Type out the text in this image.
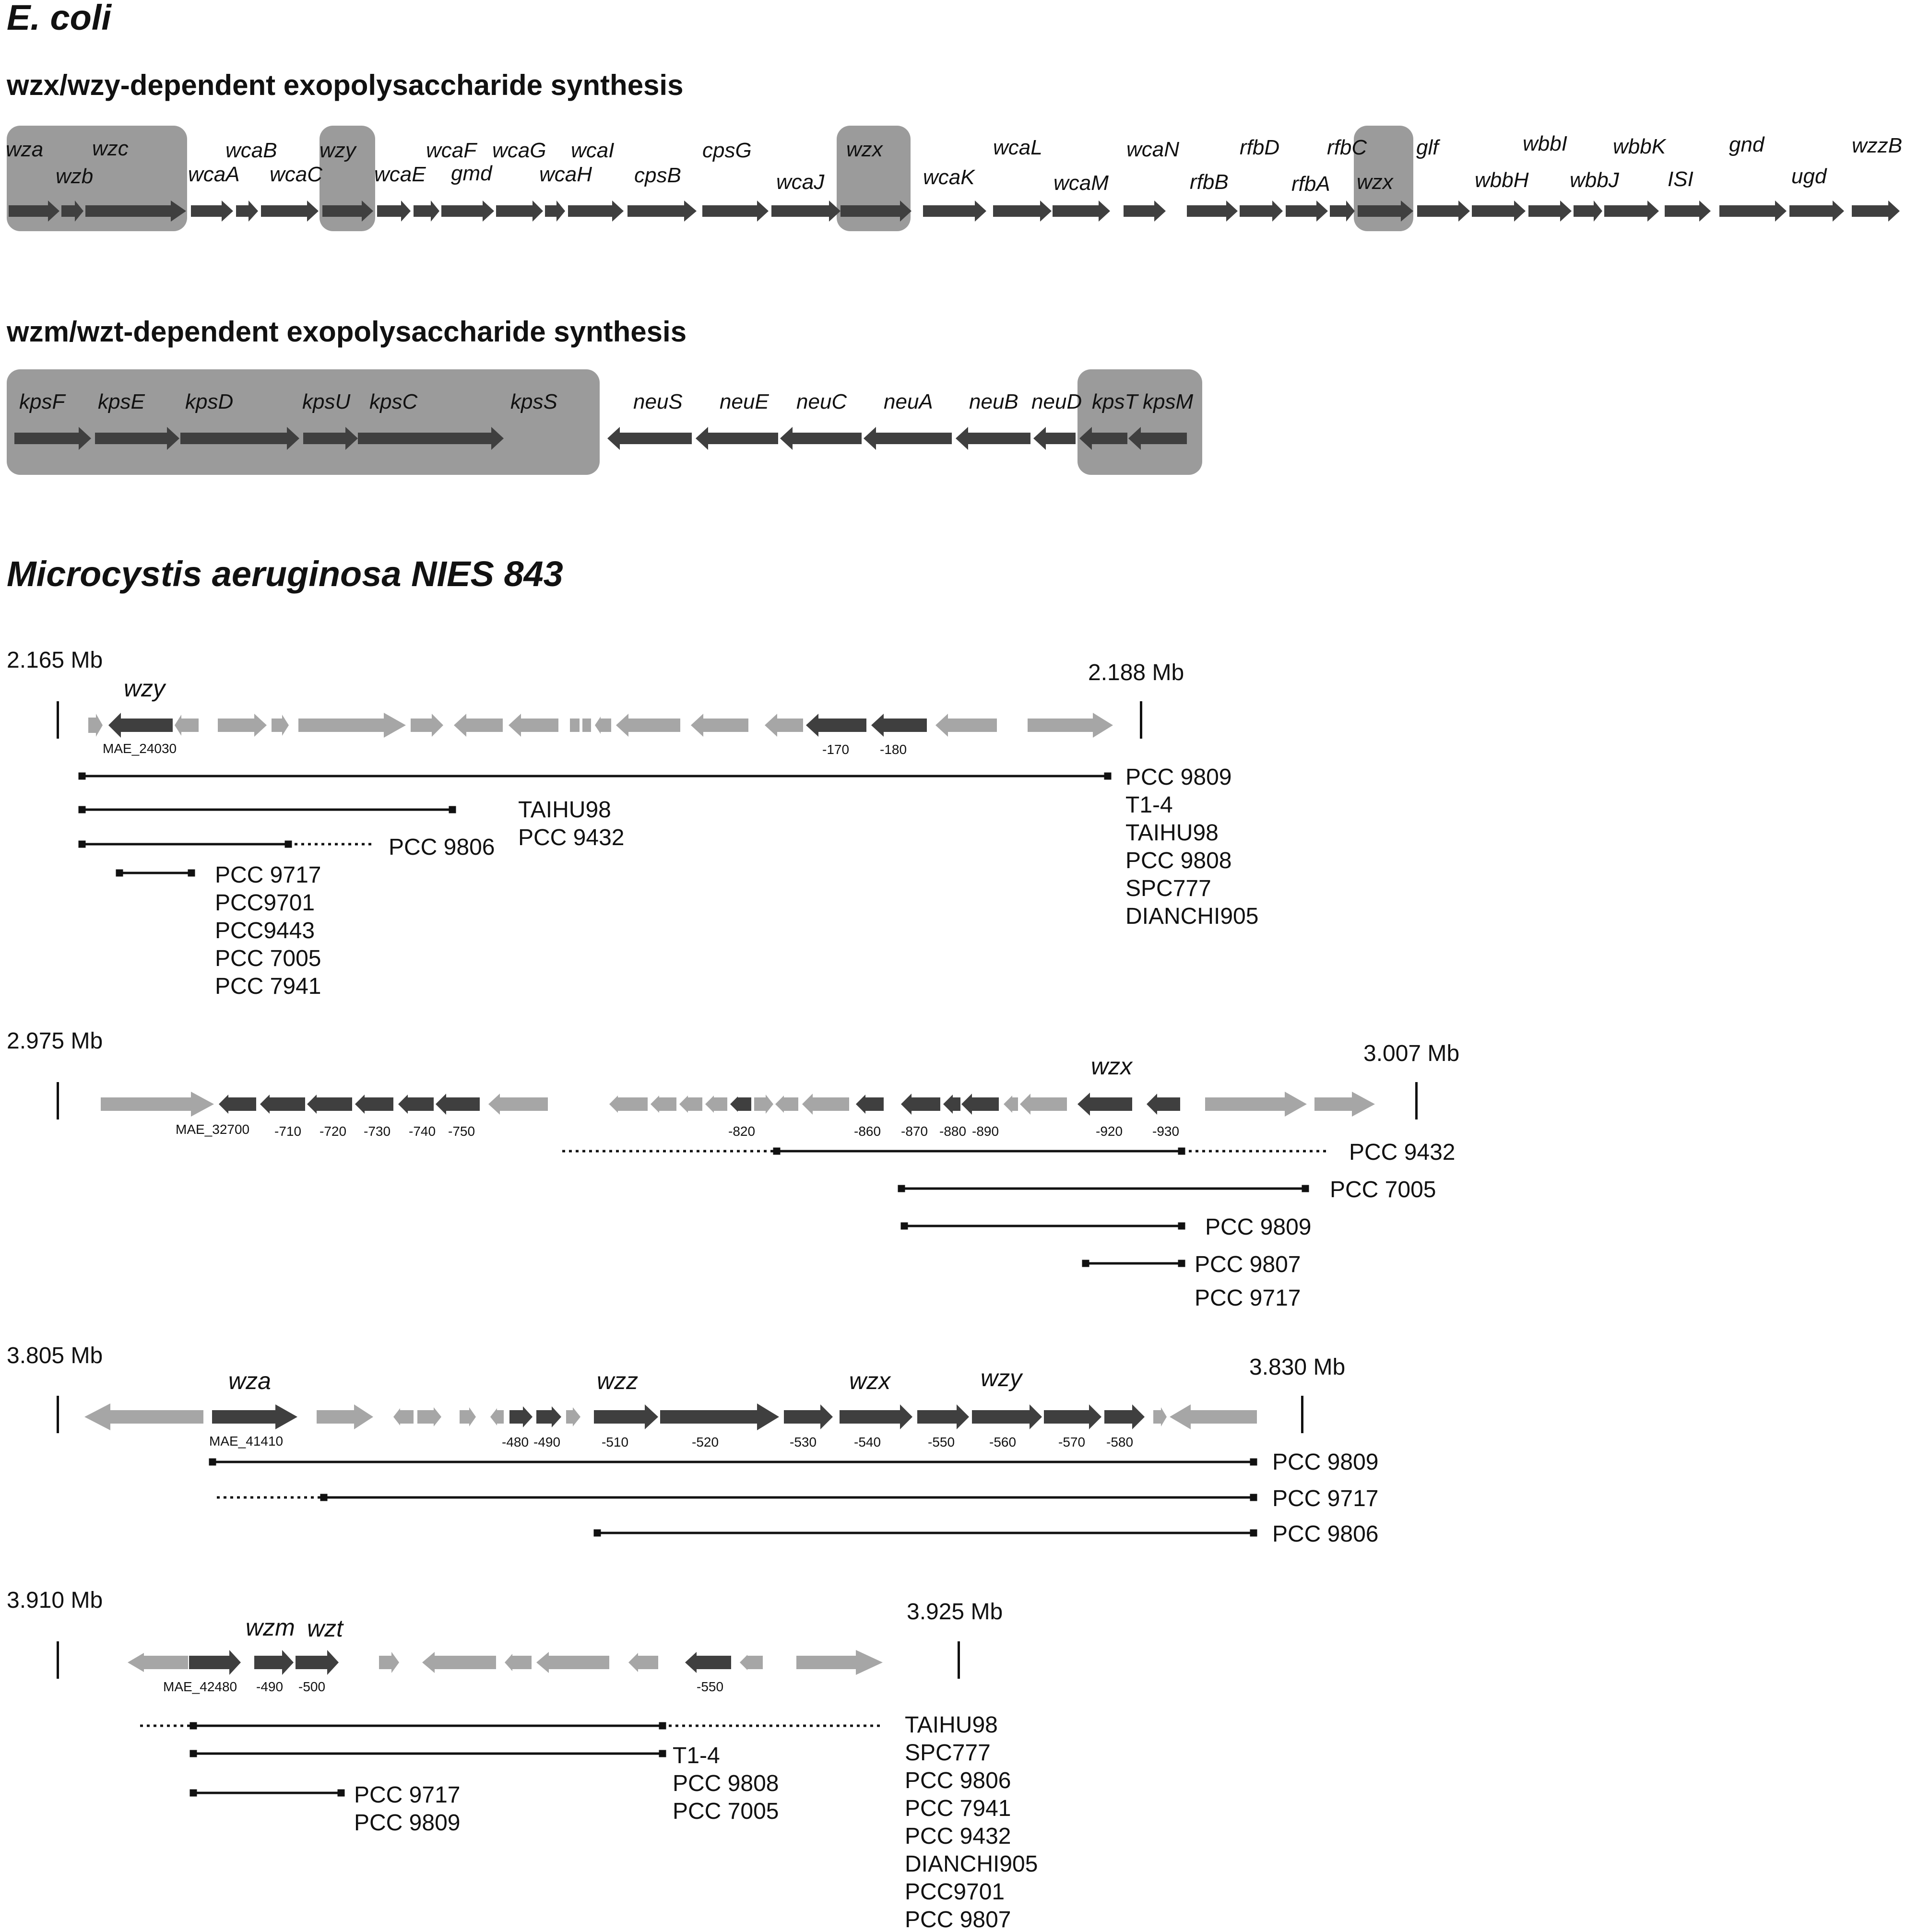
E. coli
wzx/wzy-dependent exopolysaccharide synthesis
wza
wzb
wzc
wcaA
wcaB
wcaC
wzy
wcaE
wcaF
gmd
wcaG
wcaH
wcaI
cpsB
cpsG
wcaJ
wzx
wcaK
wcaL
wcaM
wcaN
rfbB
rfbD
rfbA
rfbC
wzx
glf
wbbH
wbbI
wbbJ
wbbK
ISI
gnd
ugd
wzzB
wzm/wzt-dependent exopolysaccharide synthesis
kpsF kpsE kpsD	kpsU kpsC	kpsS	neuS neuE neuC neuA neuB neuD kpsT kpsM
Microcystis aeruginosa NIES 843
2.165 Mb	2.188 Mb
wzy
MAE_24030	-170 -180
PCC 9809
T1-4
TAIHU98
PCC 9808
SPC777
DIANCHI905
TAIHU98
PCC 9432
PCC 9806
PCC 9717
PCC9701
PCC9443
PCC 7005
PCC 7941
2.975 Mb	3.007 Mb
wzx
MAE_32700 -710 -720 -730 -740 -750	-820	-860 -870 -880 -890	-920 -930
PCC 9432
PCC 7005
PCC 9809
PCC 9807
PCC 9717
3.805 Mb	3.830 Mb
wza	wzz	wzx	wzy
MAE_41410	-480 -490	-510	-520	-530	-540	-550	-560	-570 -580
PCC 9809
PCC 9717
PCC 9806
3.910 Mb	3.925 Mb
wzm wzt
MAE_42480 -490 -500	-550
TAIHU98
SPC777
PCC 9806
PCC 7941
PCC 9432
DIANCHI905
PCC9701
PCC 9807
T1-4
PCC 9808
PCC 7005
PCC 9717
PCC 9809
